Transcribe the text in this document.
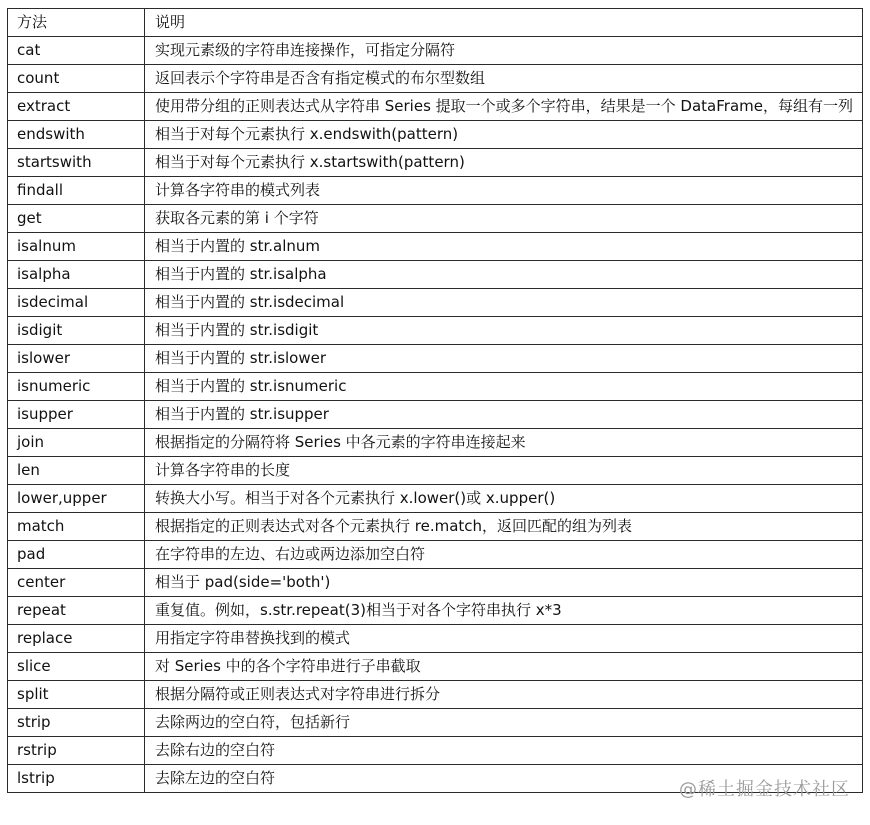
方法	说明
cat	实现元素级的字符串连接操作，可指定分隔符
count	返回表示个字符串是否含有指定模式的布尔型数组
extract	使用带分组的正则表达式从字符串 Series 提取一个或多个字符串，结果是一个 DataFrame，每组有一列
endswith	相当于对每个元素执行 x.endswith(pattern)
startswith	相当于对每个元素执行 x.startswith(pattern)
findall	计算各字符串的模式列表
get	获取各元素的第 i 个字符
isalnum	相当于内置的 str.alnum
isalpha	相当于内置的 str.isalpha
isdecimal	相当于内置的 str.isdecimal
isdigit	相当于内置的 str.isdigit
islower	相当于内置的 str.islower
isnumeric	相当于内置的 str.isnumeric
isupper	相当于内置的 str.isupper
join	根据指定的分隔符将 Series 中各元素的字符串连接起来
len	计算各字符串的长度
lower,upper	转换大小写。相当于对各个元素执行 x.lower()或 x.upper()
match	根据指定的正则表达式对各个元素执行 re.match，返回匹配的组为列表
pad	在字符串的左边、右边或两边添加空白符
center	相当于 pad(side='both')
repeat	重复值。例如，s.str.repeat(3)相当于对各个字符串执行 x*3
replace	用指定字符串替换找到的模式
slice	对 Series 中的各个字符串进行子串截取
split	根据分隔符或正则表达式对字符串进行拆分
strip	去除两边的空白符，包括新行
rstrip	去除右边的空白符
lstrip	去除左边的空白符
@稀土掘金技术社区
